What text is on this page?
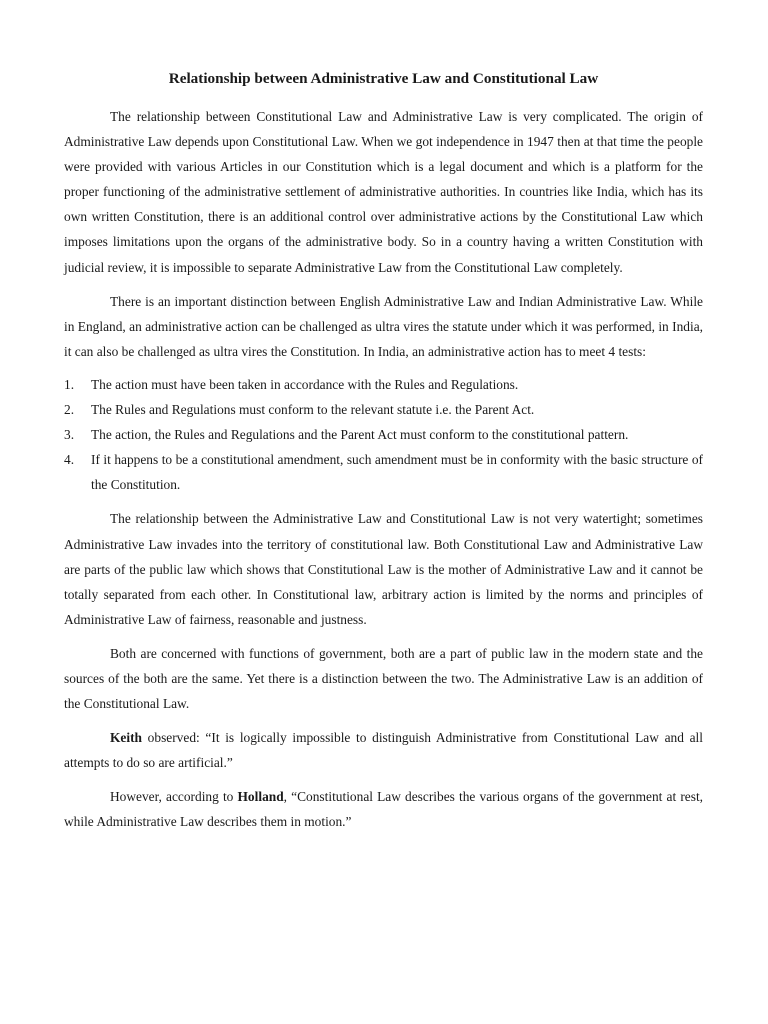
Relationship between Administrative Law and Constitutional Law

The relationship between Constitutional Law and Administrative Law is very complicated. The origin of Administrative Law depends upon Constitutional Law. When we got independence in 1947 then at that time the people were provided with various Articles in our Constitution which is a legal document and which is a platform for the proper functioning of the administrative settlement of administrative authorities. In countries like India, which has its own written Constitution, there is an additional control over administrative actions by the Constitutional Law which imposes limitations upon the organs of the administrative body. So in a country having a written Constitution with judicial review, it is impossible to separate Administrative Law from the Constitutional Law completely.

There is an important distinction between English Administrative Law and Indian Administrative Law. While in England, an administrative action can be challenged as ultra vires the statute under which it was performed, in India, it can also be challenged as ultra vires the Constitution. In India, an administrative action has to meet 4 tests:

1. The action must have been taken in accordance with the Rules and Regulations.
2. The Rules and Regulations must conform to the relevant statute i.e. the Parent Act.
3. The action, the Rules and Regulations and the Parent Act must conform to the constitutional pattern.
4. If it happens to be a constitutional amendment, such amendment must be in conformity with the basic structure of the Constitution.

The relationship between the Administrative Law and Constitutional Law is not very watertight; sometimes Administrative Law invades into the territory of constitutional law. Both Constitutional Law and Administrative Law are parts of the public law which shows that Constitutional Law is the mother of Administrative Law and it cannot be totally separated from each other. In Constitutional law, arbitrary action is limited by the norms and principles of Administrative Law of fairness, reasonable and justness.

Both are concerned with functions of government, both are a part of public law in the modern state and the sources of the both are the same. Yet there is a distinction between the two. The Administrative Law is an addition of the Constitutional Law.

Keith observed: “It is logically impossible to distinguish Administrative from Constitutional Law and all attempts to do so are artificial.”

However, according to Holland, “Constitutional Law describes the various organs of the government at rest, while Administrative Law describes them in motion.”
